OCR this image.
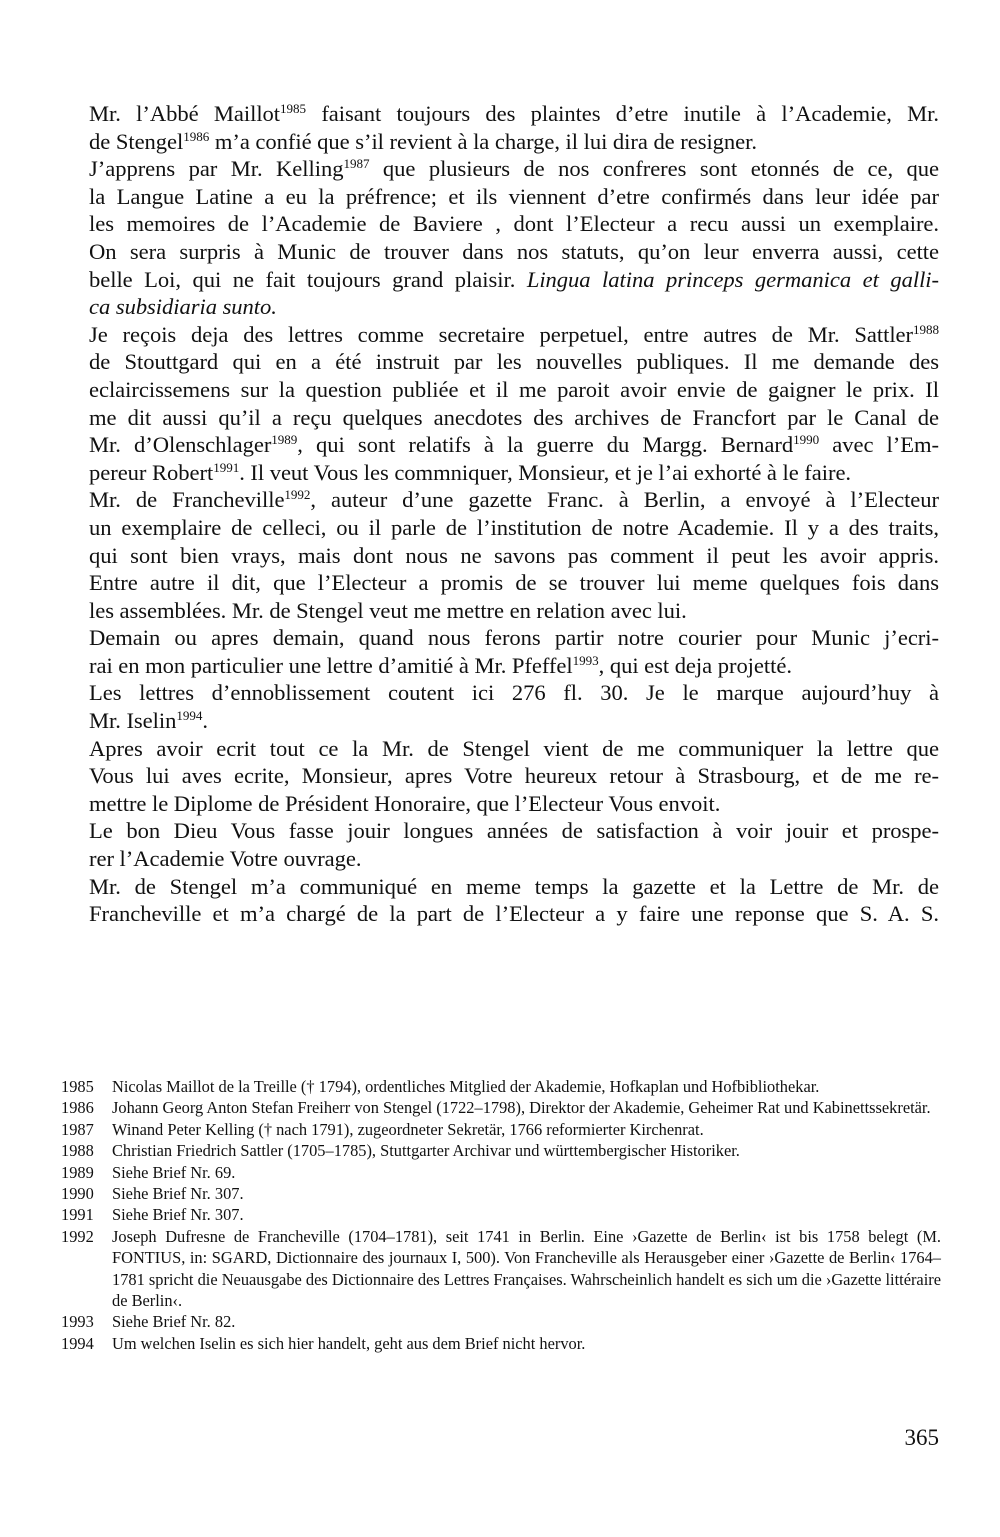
Mr. l’Abbé Maillot$^{1985}$ faisant toujours des plaintes d’etre inutile à l’Academie, Mr.
de Stengel$^{1986}$ m’a confié que s’il revient à la charge, il lui dira de resigner.

J’apprens par Mr. Kelling$^{1987}$ que plusieurs de nos confreres sont etonnés de ce, que
la Langue Latine a eu la préfrence; et ils viennent d’etre confirmés dans leur idée par
les memoires de l’Academie de Baviere , dont l’Electeur a recu aussi un exemplaire.
On sera surpris à Munic de trouver dans nos statuts, qu’on leur enverra aussi, cette
belle Loi, qui ne fait toujours grand plaisir. Lingua latina princeps germanica et galli-
ca subsidiaria sunto.

Je reçois deja des lettres comme secretaire perpetuel, entre autres de Mr. Sattler$^{1988}$
de Stouttgard qui en a été instruit par les nouvelles publiques. Il me demande des
eclaircissemens sur la question publiée et il me paroit avoir envie de gaigner le prix. Il
me dit aussi qu’il a reçu quelques anecdotes des archives de Francfort par le Canal de
Mr. d’Olenschlager$^{1989}$, qui sont relatifs à la guerre du Margg. Bernard$^{1990}$ avec l’Em-
pereur Robert$^{1991}$. Il veut Vous les commniquer, Monsieur, et je l’ai exhorté à le faire.

Mr. de Francheville$^{1992}$, auteur d’une gazette Franc. à Berlin, a envoyé à l’Electeur
un exemplaire de celleci, ou il parle de l’institution de notre Academie. Il y a des traits,
qui sont bien vrays, mais dont nous ne savons pas comment il peut les avoir appris.
Entre autre il dit, que l’Electeur a promis de se trouver lui meme quelques fois dans
les assemblées. Mr. de Stengel veut me mettre en relation avec lui.

Demain ou apres demain, quand nous ferons partir notre courier pour Munic j’ecri-
rai en mon particulier une lettre d’amitié à Mr. Pfeffel$^{1993}$, qui est deja projetté.

Les lettres d’ennoblissement coutent ici 276 fl. 30. Je le marque aujourd’huy à
Mr. Iselin$^{1994}$.

Apres avoir ecrit tout ce la Mr. de Stengel vient de me communiquer la lettre que
Vous lui aves ecrite, Monsieur, apres Votre heureux retour à Strasbourg, et de me re-
mettre le Diplome de Président Honoraire, que l’Electeur Vous envoit.

Le bon Dieu Vous fasse jouir longues années de satisfaction à voir jouir et prospe-
rer l’Academie Votre ouvrage.

Mr. de Stengel m’a communiqué en meme temps la gazette et la Lettre de Mr. de
Francheville et m’a chargé de la part de l’Electeur a y faire une reponse que S. A. S.

1985	Nicolas Maillot de la Treille († 1794), ordentliches Mitglied der Akademie, Hofkaplan und Hofbibliothekar.
1986	Johann Georg Anton Stefan Freiherr von Stengel (1722–1798), Direktor der Akademie, Geheimer Rat und Kabinettssekretär.
1987	Winand Peter Kelling († nach 1791), zugeordneter Sekretär, 1766 reformierter Kirchenrat.
1988	Christian Friedrich Sattler (1705–1785), Stuttgarter Archivar und württembergischer Historiker.
1989	Siehe Brief Nr. 69.
1990	Siehe Brief Nr. 307.
1991	Siehe Brief Nr. 307.
1992	Joseph Dufresne de Francheville (1704–1781), seit 1741 in Berlin. Eine ›Gazette de Berlin‹ ist bis 1758 belegt (M. FONTIUS, in: SGARD, Dictionnaire des journaux I, 500). Von Francheville als Herausgeber einer ›Gazette de Berlin‹ 1764–1781 spricht die Neuausgabe des Dictionnaire des Lettres Françaises. Wahrscheinlich handelt es sich um die ›Gazette littéraire de Berlin‹.
1993	Siehe Brief Nr. 82.
1994	Um welchen Iselin es sich hier handelt, geht aus dem Brief nicht hervor.
365
